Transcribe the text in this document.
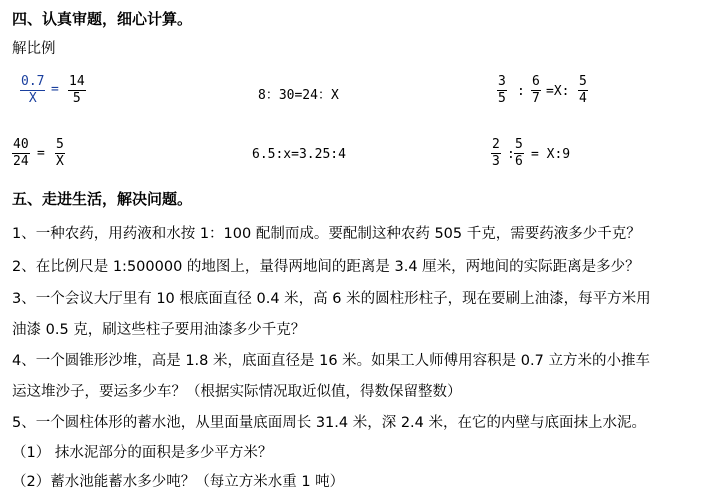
四、认真审题，细心计算。
解比例
$\frac{0.7}{X} = \frac{14}{5}$	8：30=24：X	$\frac{3}{5}$ : $\frac{6}{7} =X$: $\frac{5}{4}$
$\frac{40}{24} = \frac{5}{X}$	6.5:x=3.25:4	$\frac{2}{3}$ : $\frac{5}{6}$ = X:9
五、走进生活，解决问题。
1、一种农药，用药液和水按 1：100 配制而成。要配制这种农药 505 千克，需要药液多少千克？
2、在比例尺是 1:500000 的地图上，量得两地间的距离是 3.4 厘米，两地间的实际距离是多少？
3、一个会议大厅里有 10 根底面直径 0.4 米，高 6 米的圆柱形柱子，现在要刷上油漆，每平方米用
油漆 0.5 克，刷这些柱子要用油漆多少千克？
4、一个圆锥形沙堆，高是 1.8 米，底面直径是 16 米。如果工人师傅用容积是 0.7 立方米的小推车
运这堆沙子，要运多少车？（根据实际情况取近似值，得数保留整数）
5、一个圆柱体形的蓄水池，从里面量底面周长 31.4 米，深 2.4 米，在它的内壁与底面抹上水泥。
（1） 抹水泥部分的面积是多少平方米？
（2）蓄水池能蓄水多少吨？（每立方米水重 1 吨）
